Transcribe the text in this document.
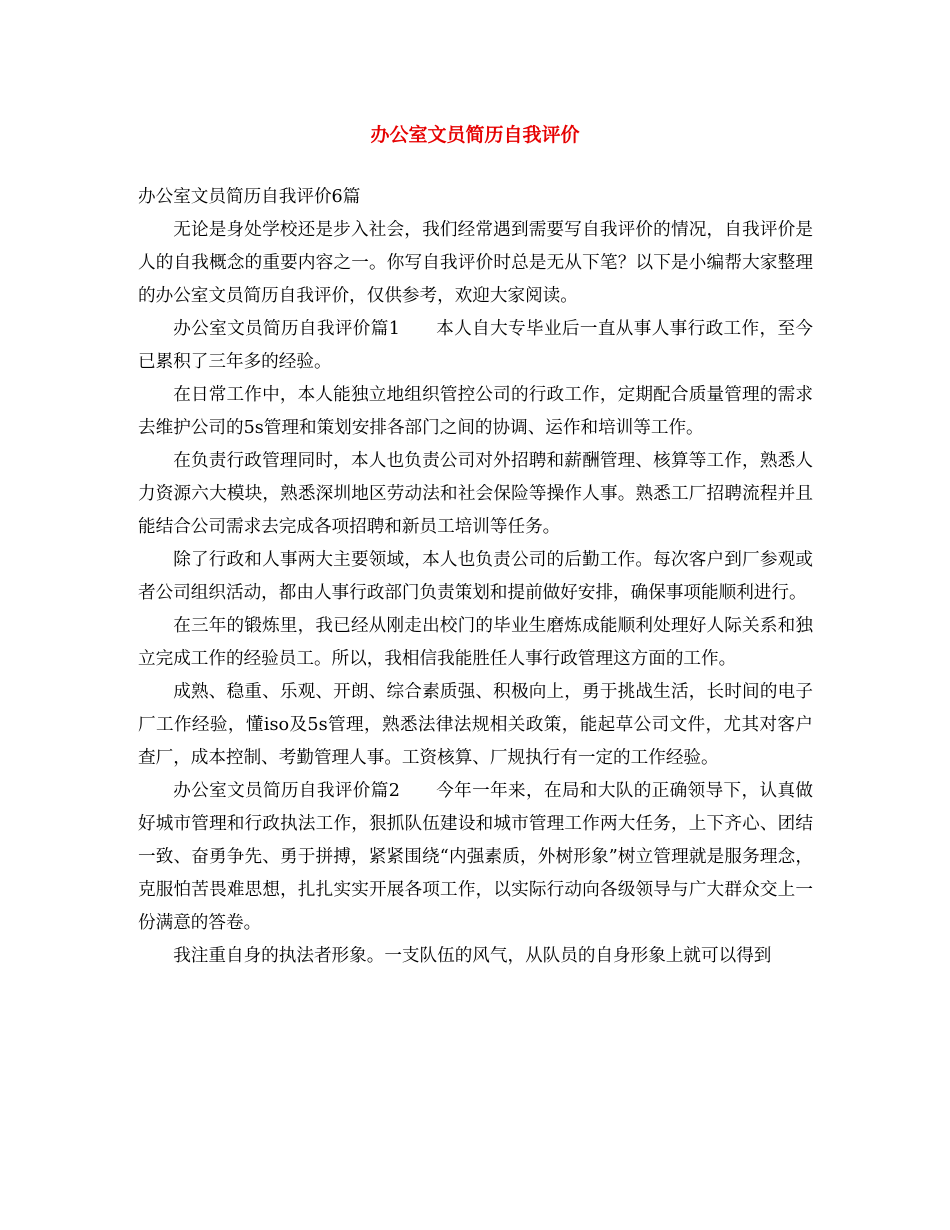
办公室文员简历自我评价

办公室文员简历自我评价6篇

无论是身处学校还是步入社会，我们经常遇到需要写自我评价的情况，自我评价是人的自我概念的重要内容之一。你写自我评价时总是无从下笔？以下是小编帮大家整理的办公室文员简历自我评价，仅供参考，欢迎大家阅读。

办公室文员简历自我评价篇1　　本人自大专毕业后一直从事人事行政工作，至今已累积了三年多的经验。

在日常工作中，本人能独立地组织管控公司的行政工作，定期配合质量管理的需求去维护公司的5s管理和策划安排各部门之间的协调、运作和培训等工作。

在负责行政管理同时，本人也负责公司对外招聘和薪酬管理、核算等工作，熟悉人力资源六大模块，熟悉深圳地区劳动法和社会保险等操作人事。熟悉工厂招聘流程并且能结合公司需求去完成各项招聘和新员工培训等任务。

除了行政和人事两大主要领域，本人也负责公司的后勤工作。每次客户到厂参观或者公司组织活动，都由人事行政部门负责策划和提前做好安排，确保事项能顺利进行。

在三年的锻炼里，我已经从刚走出校门的毕业生磨炼成能顺利处理好人际关系和独立完成工作的经验员工。所以，我相信我能胜任人事行政管理这方面的工作。

成熟、稳重、乐观、开朗、综合素质强、积极向上，勇于挑战生活，长时间的电子厂工作经验，懂iso及5s管理，熟悉法律法规相关政策，能起草公司文件，尤其对客户查厂，成本控制、考勤管理人事。工资核算、厂规执行有一定的工作经验。

办公室文员简历自我评价篇2　　今年一年来，在局和大队的正确领导下，认真做好城市管理和行政执法工作，狠抓队伍建设和城市管理工作两大任务，上下齐心、团结一致、奋勇争先、勇于拼搏，紧紧围绕“内强素质，外树形象”树立管理就是服务理念，克服怕苦畏难思想，扎扎实实开展各项工作，以实际行动向各级领导与广大群众交上一份满意的答卷。

我注重自身的执法者形象。一支队伍的风气，从队员的自身形象上就可以得到
